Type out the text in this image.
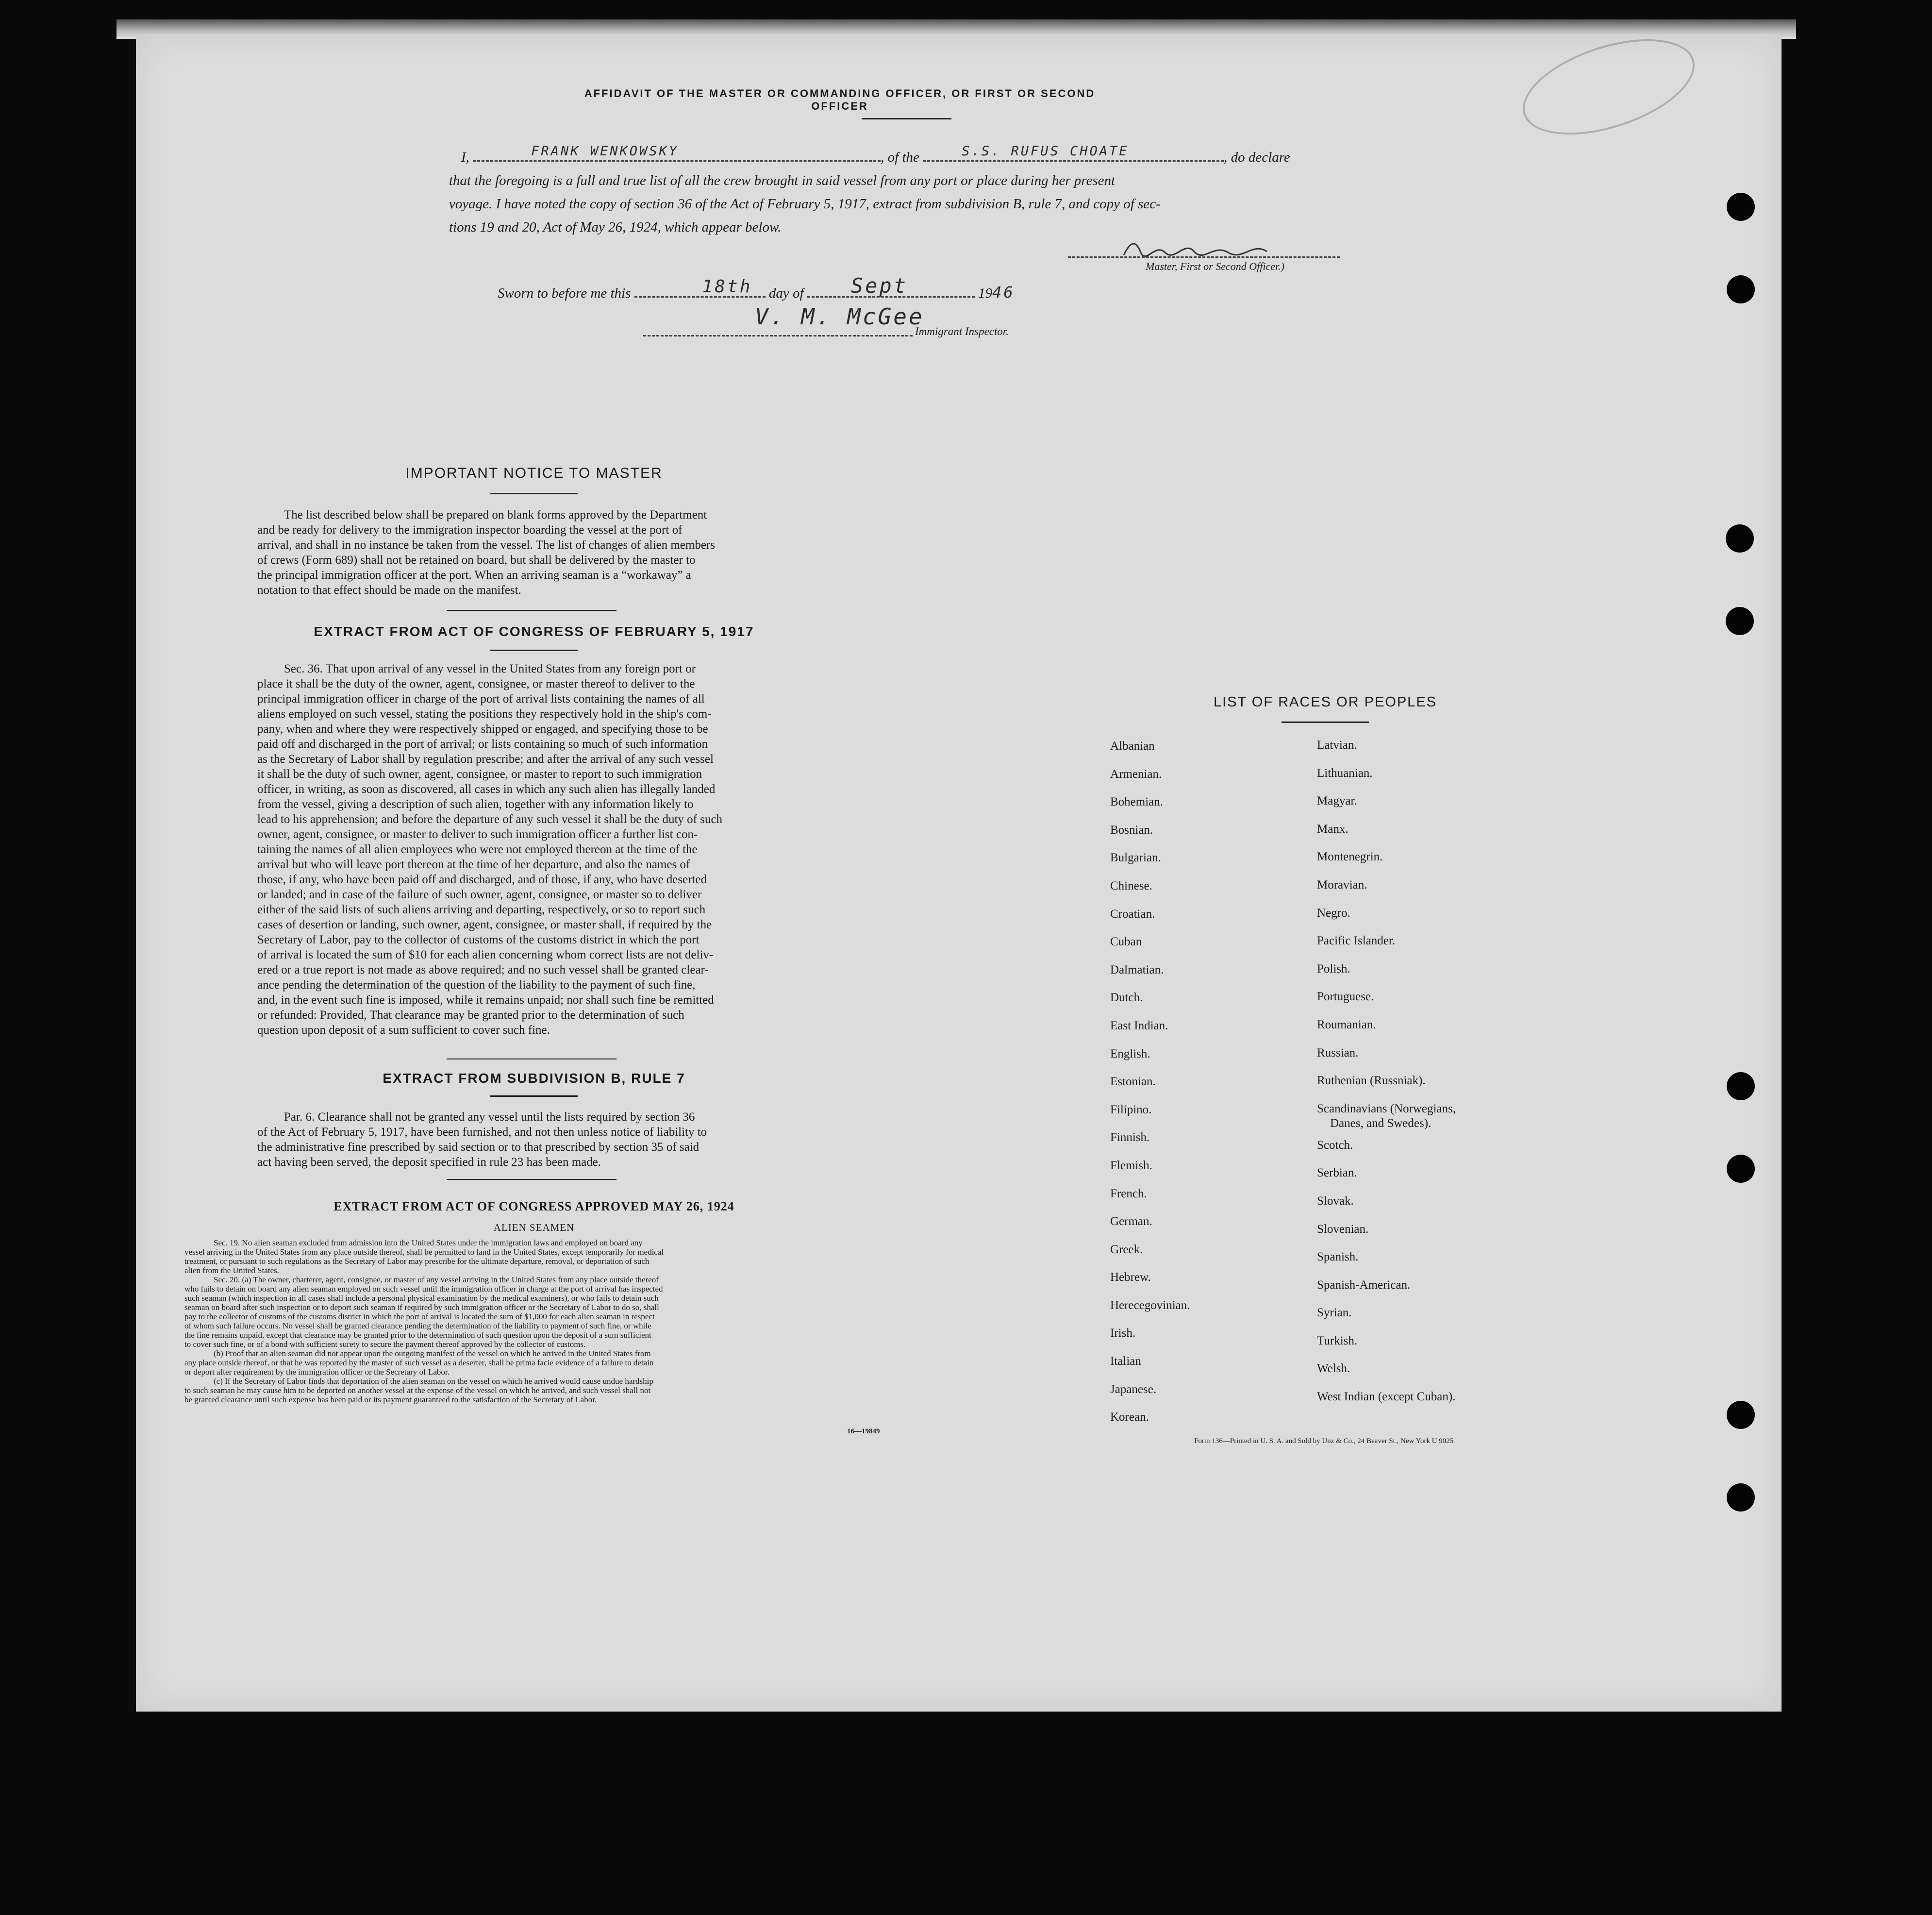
AFFIDAVIT OF THE MASTER OR COMMANDING OFFICER, OR FIRST OR SECOND OFFICER
I,	FRANK WENKOWSKY	, of the	S.S. RUFUS CHOATE	, do declare
that the foregoing is a full and true list of all the crew brought in said vessel from any port or place during her present
voyage. I have noted the copy of section 36 of the Act of February 5, 1917, extract from subdivision B, rule 7, and copy of sec-
tions 19 and 20, Act of May 26, 1924, which appear below.
Master, First or Second Officer.)
Sworn to before me this	18th day of Sept	1946
V. M. McGee
Immigrant Inspector.
IMPORTANT NOTICE TO MASTER
The list described below shall be prepared on blank forms approved by the Department
and be ready for delivery to the immigration inspector boarding the vessel at the port of
arrival, and shall in no instance be taken from the vessel. The list of changes of alien members
of crews (Form 689) shall not be retained on board, but shall be delivered by the master to
the principal immigration officer at the port. When an arriving seaman is a “workaway” a
notation to that effect should be made on the manifest.
EXTRACT FROM ACT OF CONGRESS OF FEBRUARY 5, 1917
Sec. 36. That upon arrival of any vessel in the United States from any foreign port or
place it shall be the duty of the owner, agent, consignee, or master thereof to deliver to the
principal immigration officer in charge of the port of arrival lists containing the names of all
aliens employed on such vessel, stating the positions they respectively hold in the ship's com-
pany, when and where they were respectively shipped or engaged, and specifying those to be
paid off and discharged in the port of arrival; or lists containing so much of such information
as the Secretary of Labor shall by regulation prescribe; and after the arrival of any such vessel
it shall be the duty of such owner, agent, consignee, or master to report to such immigration
officer, in writing, as soon as discovered, all cases in which any such alien has illegally landed
from the vessel, giving a description of such alien, together with any information likely to
lead to his apprehension; and before the departure of any such vessel it shall be the duty of such
owner, agent, consignee, or master to deliver to such immigration officer a further list con-
taining the names of all alien employees who were not employed thereon at the time of the
arrival but who will leave port thereon at the time of her departure, and also the names of
those, if any, who have been paid off and discharged, and of those, if any, who have deserted
or landed; and in case of the failure of such owner, agent, consignee, or master so to deliver
either of the said lists of such aliens arriving and departing, respectively, or so to report such
cases of desertion or landing, such owner, agent, consignee, or master shall, if required by the
Secretary of Labor, pay to the collector of customs of the customs district in which the port
of arrival is located the sum of $10 for each alien concerning whom correct lists are not deliv-
ered or a true report is not made as above required; and no such vessel shall be granted clear-
ance pending the determination of the question of the liability to the payment of such fine,
and, in the event such fine is imposed, while it remains unpaid; nor shall such fine be remitted
or refunded: Provided, That clearance may be granted prior to the determination of such
question upon deposit of a sum sufficient to cover such fine.
EXTRACT FROM SUBDIVISION B, RULE 7
Par. 6. Clearance shall not be granted any vessel until the lists required by section 36
of the Act of February 5, 1917, have been furnished, and not then unless notice of liability to
the administrative fine prescribed by said section or to that prescribed by section 35 of said
act having been served, the deposit specified in rule 23 has been made.
EXTRACT FROM ACT OF CONGRESS APPROVED MAY 26, 1924
ALIEN SEAMEN
Sec. 19. No alien seaman excluded from admission into the United States under the immigration laws and employed on board any
vessel arriving in the United States from any place outside thereof, shall be permitted to land in the United States, except temporarily for medical
treatment, or pursuant to such regulations as the Secretary of Labor may prescribe for the ultimate departure, removal, or deportation of such
alien from the United States.
Sec. 20. (a) The owner, charterer, agent, consignee, or master of any vessel arriving in the United States from any place outside thereof
who fails to detain on board any alien seaman employed on such vessel until the immigration officer in charge at the port of arrival has inspected
such seaman (which inspection in all cases shall include a personal physical examination by the medical examiners), or who fails to detain such
seaman on board after such inspection or to deport such seaman if required by such immigration officer or the Secretary of Labor to do so, shall
pay to the collector of customs of the customs district in which the port of arrival is located the sum of $1,000 for each alien seaman in respect
of whom such failure occurs. No vessel shall be granted clearance pending the determination of the liability to payment of such fine, or while
the fine remains unpaid, except that clearance may be granted prior to the determination of such question upon the deposit of a sum sufficient
to cover such fine, or of a bond with sufficient surety to secure the payment thereof approved by the collector of customs.
(b) Proof that an alien seaman did not appear upon the outgoing manifest of the vessel on which he arrived in the United States from
any place outside thereof, or that he was reported by the master of such vessel as a deserter, shall be prima facie evidence of a failure to detain
or deport after requirement by the immigration officer or the Secretary of Labor.
(c) If the Secretary of Labor finds that deportation of the alien seaman on the vessel on which he arrived would cause undue hardship
to such seaman he may cause him to be deported on another vessel at the expense of the vessel on which he arrived, and such vessel shall not
be granted clearance until such expense has been paid or its payment guaranteed to the satisfaction of the Secretary of Labor.
16—19849
LIST OF RACES OR PEOPLES
Albanian
Armenian.
Bohemian.
Bosnian.
Bulgarian.
Chinese.
Croatian.
Cuban
Dalmatian.
Dutch.
East Indian.
English.
Estonian.
Filipino.
Finnish.
Flemish.
French.
German.
Greek.
Hebrew.
Herecegovinian.
Irish.
Italian
Japanese.
Korean.
Latvian.
Lithuanian.
Magyar.
Manx.
Montenegrin.
Moravian.
Negro.
Pacific Islander.
Polish.
Portuguese.
Roumanian.
Russian.
Ruthenian (Russniak).
Scandinavians (Norwegians,
Danes, and Swedes).
Scotch.
Serbian.
Slovak.
Slovenian.
Spanish.
Spanish-American.
Syrian.
Turkish.
Welsh.
West Indian (except Cuban).
Form 136—Printed in U. S. A. and Sold by Unz & Co., 24 Beaver St., New York U 9025
